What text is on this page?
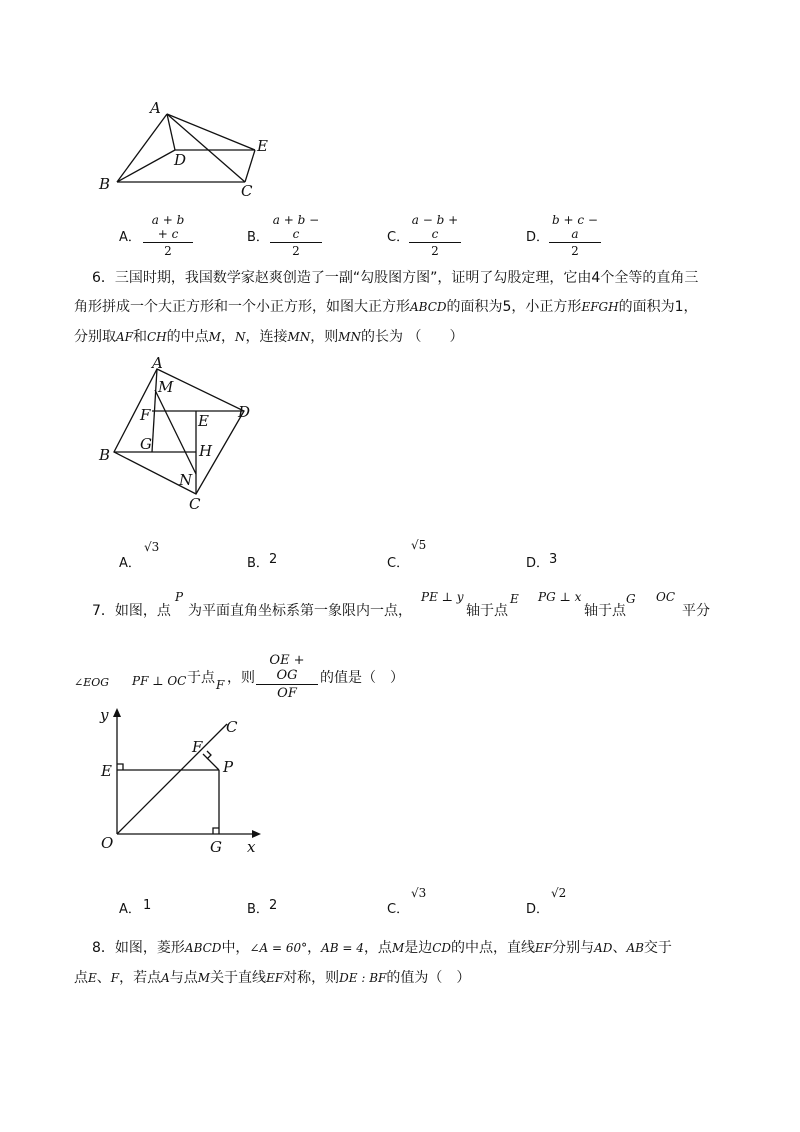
A
B	C
D
E
A．
a + b + c
2
B．
a + b − c
2
C．
a − b + c
2
D．
b + c − a
2
6．三国时期，我国数学家赵爽创造了一副“勾股图方图”，证明了勾股定理，它由4个全等的直角三
角形拼成一个大正方形和一个小正方形，如图大正方形ABCD的面积为5，小正方形EFGH的面积为1，
分别取AF和CH的中点M，N，连接MN，则MN的长为 （　　）
A
M
F	E D
G	H
B
N
C
A．
√3
B． 2	C．
√5
D． 3
7．如图，点
P
为平面直角坐标系第一象限内一点，
PE ⊥ y
轴于点
E PG ⊥ x
轴于点
G OC
平分
∠EOG PF ⊥ OC 于点 F ，则
OE + OG
OF
的值是（　）
y
x
O
E	P
F
C
G
A． 1	B． 2	C．
√3
D．
√2
8．如图，菱形ABCD中，∠A = 60°，AB = 4，点M是边CD的中点，直线EF分别与AD、AB交于
点E、F，若点A与点M关于直线EF对称，则DE : BF的值为（　）
